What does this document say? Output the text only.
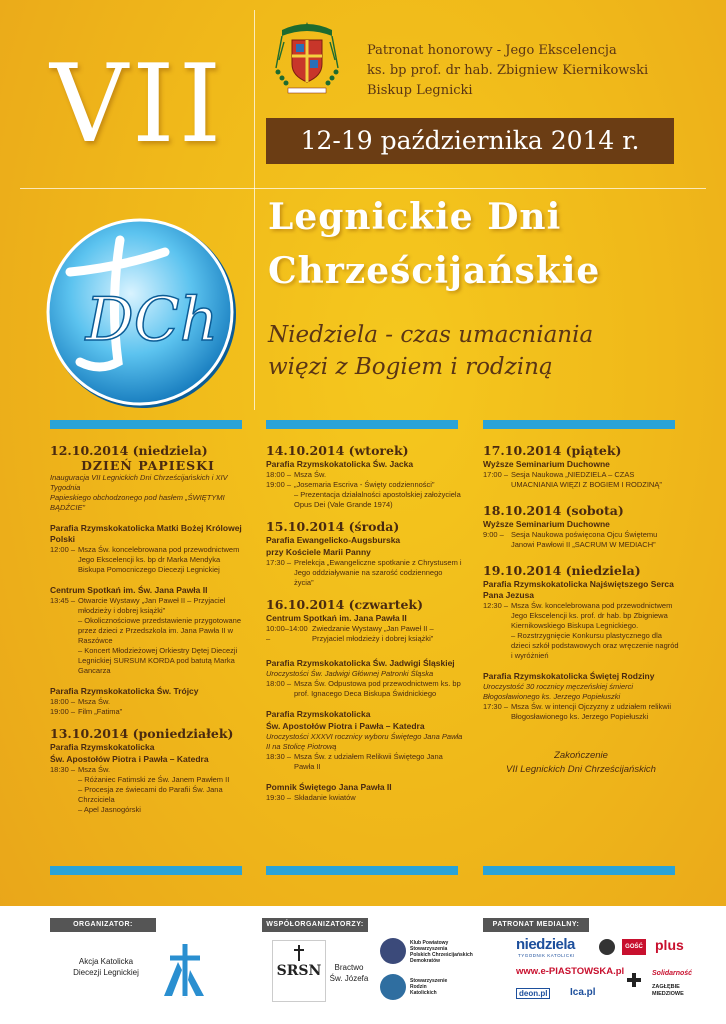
VII	Patronat honorowy - Jego Ekscelencja
ks. bp prof. dr hab. Zbigniew Kiernikowski
Biskup Legnicki
12-19 października 2014 r.
DCh
Legnickie Dni
Chrześcijańskie
Niedziela - czas umacniania
więzi z Bogiem i rodziną
12.10.2014 (niedziela)
DZIEŃ PAPIESKI
Inauguracja VII Legnickich Dni Chrześcijańskich i XIV Tygodnia
Papieskiego obchodzonego pod hasłem „ŚWIĘTYMI BĄDŹCIE”
Parafia Rzymskokatolicka Matki Bożej Królowej Polski
12:00 – Msza Św. koncelebrowana pod przewodnictwem Jego Ekscelencji ks. bp dr Marka Mendyka Biskupa Pomocniczego Diecezji Legnickiej
Centrum Spotkań im. Św. Jana Pawła II
13:45 – Otwarcie Wystawy „Jan Paweł II – Przyjaciel młodzieży i dobrej książki”
– Okolicznościowe przedstawienie przygotowane przez dzieci z Przedszkola im. Jana Pawła II w Raszówce
– Koncert Młodzieżowej Orkiestry Dętej Diecezji Legnickiej SURSUM KORDA pod batutą Marka Gancarza
Parafia Rzymskokatolicka Św. Trójcy
18:00 – Msza Św.
19:00 – Film „Fatima”
13.10.2014 (poniedziałek)
Parafia Rzymskokatolicka
Św. Apostołów Piotra i Pawła – Katedra
18:30 – Msza Św.
– Różaniec Fatimski ze Św. Janem Pawłem II
– Procesja ze świecami do Parafii Św. Jana Chrzciciela
– Apel Jasnogórski
14.10.2014 (wtorek)
Parafia Rzymskokatolicka Św. Jacka
18:00 – Msza Św.
19:00 – „Josemaria Escriva - Święty codzienności”
– Prezentacja działalności apostolskiej założyciela Opus Dei (Vale Grande 1974)
15.10.2014 (środa)
Parafia Ewangelicko-Augsburska
przy Kościele Marii Panny
17:30 – Prelekcja „Ewangeliczne spotkanie z Chrystusem i Jego oddziaływanie na szarość codziennego życia”
16.10.2014 (czwartek)
Centrum Spotkań im. Jana Pawła II
10:00–14:00 –
Zwiedzanie Wystawy „Jan Paweł II – Przyjaciel młodzieży i dobrej książki”
Parafia Rzymskokatolicka Św. Jadwigi Śląskiej
Uroczystości Św. Jadwigi Głównej Patronki Śląska
18:00 – Msza Św. Odpustowa pod przewodnictwem ks. bp prof. Ignacego Deca Biskupa Świdnickiego
Parafia Rzymskokatolicka
Św. Apostołów Piotra i Pawła – Katedra
Uroczystości XXXVI rocznicy wyboru Świętego Jana Pawła II na Stolicę Piotrową
18:30 – Msza Św. z udziałem Relikwii Świętego Jana Pawła II
Pomnik Świętego Jana Pawła II
19:30 – Składanie kwiatów
17.10.2014 (piątek)
Wyższe Seminarium Duchowne
17:00 – Sesja Naukowa „NIEDZIELA – CZAS UMACNIANIA WIĘZI Z BOGIEM I RODZINĄ”
18.10.2014 (sobota)
Wyższe Seminarium Duchowne
9:00 – Sesja Naukowa poświęcona Ojcu Świętemu Janowi Pawłowi II „SACRUM W MEDIACH”
19.10.2014 (niedziela)
Parafia Rzymskokatolicka Najświętszego Serca Pana Jezusa
12:30 – Msza Św. koncelebrowana pod przewodnictwem Jego Ekscelencji ks. prof. dr hab. bp Zbigniewa Kiernikowskiego Biskupa Legnickiego.
– Rozstrzygnięcie Konkursu plastycznego dla dzieci szkół podstawowych oraz wręczenie nagród i wyróżnień
Parafia Rzymskokatolicka Świętej Rodziny
Uroczystość 30 rocznicy męczeńskiej śmierci Błogosławionego ks. Jerzego Popiełuszki
17:30 – Msza Św. w intencji Ojczyzny z udziałem relikwii Błogosławionego ks. Jerzego Popiełuszki
Zakończenie
VII Legnickich Dni Chrześcijańskich
ORGANIZATOR:	WSPÓŁORGANIZATORZY:	PATRONAT MEDIALNY:
Akcja Katolicka
Diecezji Legnickiej
AK
SRSN	Bractwo
Św. Józefa
Klub Powiatowy
Stowarzyszenia
Polskich Chrześcijańskich
Demokratów
Stowarzyszenie
Rodzin
Katolickich
niedziela
TYGODNIK KATOLICKI
GOŚĆ plus
www.e-PIASTOWSKA.pl
deon.pl	Ica.pl
Solidarność
ZAGŁĘBIE MIEDZIOWE
